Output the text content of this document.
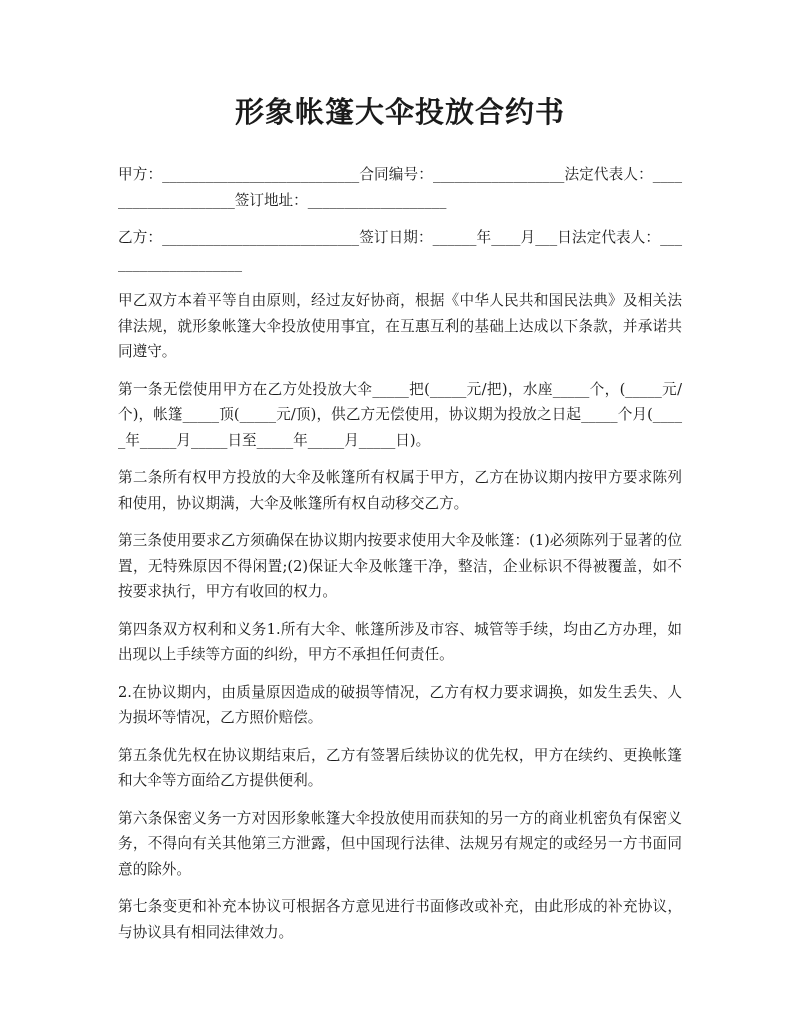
形象帐篷大伞投放合约书

甲方：___________________________合同编号：__________________法定代表人：____________________签订地址：___________________

乙方：___________________________签订日期：______年____月___日法定代表人：____________________

甲乙双方本着平等自由原则，经过友好协商，根据《中华人民共和国民法典》及相关法律法规，就形象帐篷大伞投放使用事宜，在互惠互利的基础上达成以下条款，并承诺共同遵守。

第一条无偿使用甲方在乙方处投放大伞_____把(_____元/把)，水座_____个，(_____元/个)，帐篷_____顶(_____元/顶)，供乙方无偿使用，协议期为投放之日起_____个月(_____年_____月_____日至_____年_____月_____日)。

第二条所有权甲方投放的大伞及帐篷所有权属于甲方，乙方在协议期内按甲方要求陈列和使用，协议期满，大伞及帐篷所有权自动移交乙方。

第三条使用要求乙方须确保在协议期内按要求使用大伞及帐篷：(1)必须陈列于显著的位置，无特殊原因不得闲置;(2)保证大伞及帐篷干净，整洁，企业标识不得被覆盖，如不按要求执行，甲方有收回的权力。

第四条双方权利和义务1.所有大伞、帐篷所涉及市容、城管等手续，均由乙方办理，如出现以上手续等方面的纠纷，甲方不承担任何责任。

2.在协议期内，由质量原因造成的破损等情况，乙方有权力要求调换，如发生丢失、人为损坏等情况，乙方照价赔偿。

第五条优先权在协议期结束后，乙方有签署后续协议的优先权，甲方在续约、更换帐篷和大伞等方面给乙方提供便利。

第六条保密义务一方对因形象帐篷大伞投放使用而获知的另一方的商业机密负有保密义务，不得向有关其他第三方泄露，但中国现行法律、法规另有规定的或经另一方书面同意的除外。

第七条变更和补充本协议可根据各方意见进行书面修改或补充，由此形成的补充协议，与协议具有相同法律效力。
